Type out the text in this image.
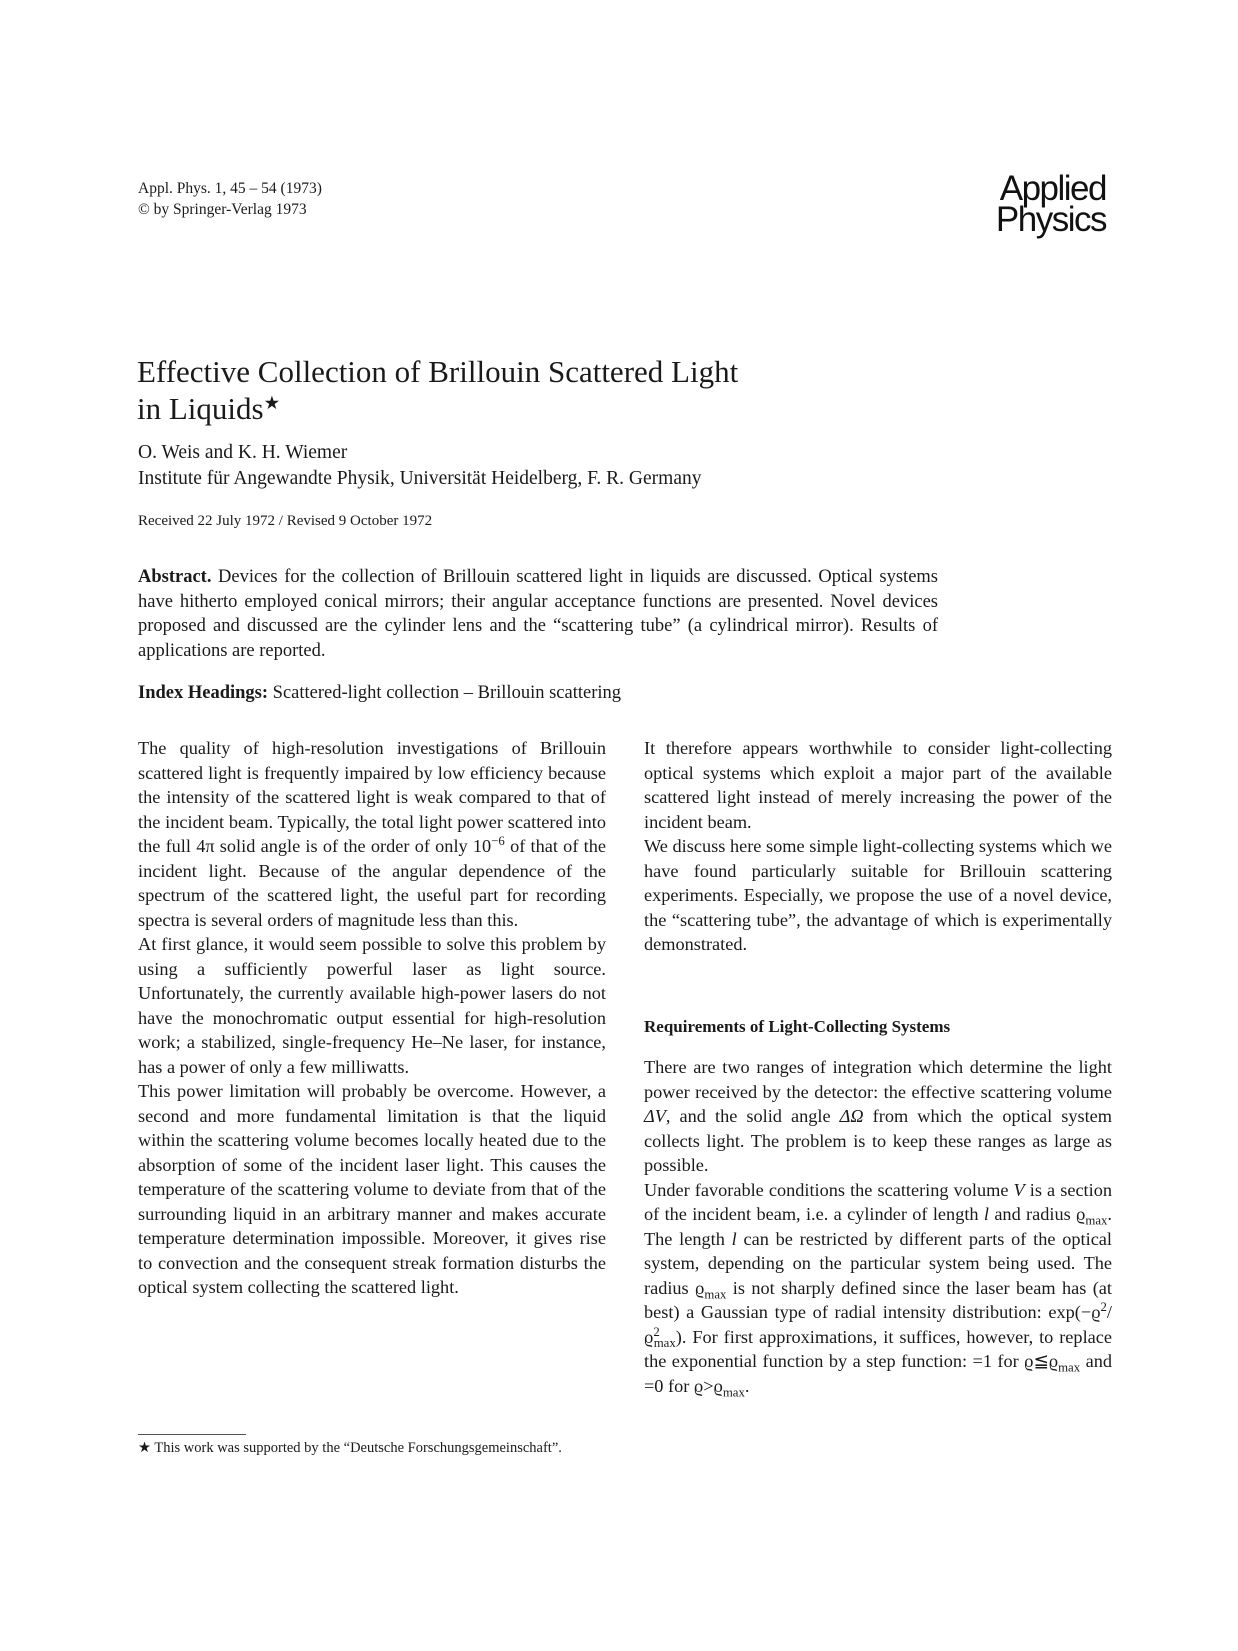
Appl. Phys. 1, 45 – 54 (1973)
© by Springer-Verlag 1973
Applied
Physics
Effective Collection of Brillouin Scattered Light
in Liquids★
O. Weis and K. H. Wiemer
Institute für Angewandte Physik, Universität Heidelberg, F. R. Germany
Received 22 July 1972 / Revised 9 October 1972
Abstract. Devices for the collection of Brillouin scattered light in liquids are discussed. Optical systems have hitherto employed conical mirrors; their angular acceptance functions are presented. Novel devices proposed and discussed are the cylinder lens and the “scattering tube” (a cylindrical mirror). Results of applications are reported.
Index Headings: Scattered-light collection – Brillouin scattering

The quality of high-resolution investigations of Brillouin scattered light is frequently impaired by low efficiency because the intensity of the scattered light is weak compared to that of the incident beam. Typically, the total light power scattered into the full 4π solid angle is of the order of only $10^{-6}$ of that of the incident light. Because of the angular dependence of the spectrum of the scattered light, the useful part for recording spectra is several orders of magnitude less than this.

At first glance, it would seem possible to solve this problem by using a sufficiently powerful laser as light source. Unfortunately, the currently available high-power lasers do not have the monochromatic output essential for high-resolution work; a stabilized, single-frequency He–Ne laser, for instance, has a power of only a few milliwatts.

This power limitation will probably be overcome. However, a second and more fundamental limitation is that the liquid within the scattering volume becomes locally heated due to the absorption of some of the incident laser light. This causes the temperature of the scattering volume to deviate from that of the surrounding liquid in an arbitrary manner and makes accurate temperature determination impossible. Moreover, it gives rise to convection and the consequent streak formation disturbs the optical system collecting the scattered light.

★ This work was supported by the “Deutsche Forschungsgemeinschaft”.

It therefore appears worthwhile to consider light-collecting optical systems which exploit a major part of the available scattered light instead of merely increasing the power of the incident beam.

We discuss here some simple light-collecting systems which we have found particularly suitable for Brillouin scattering experiments. Especially, we propose the use of a novel device, the “scattering tube”, the advantage of which is experimentally demonstrated.

Requirements of Light-Collecting Systems

There are two ranges of integration which determine the light power received by the detector: the effective scattering volume ΔV, and the solid angle ΔΩ from which the optical system collects light. The problem is to keep these ranges as large as possible.

Under favorable conditions the scattering volume V is a section of the incident beam, i.e. a cylinder of length l and radius $ϱ_{max}$. The length l can be restricted by different parts of the optical system, depending on the particular system being used. The radius $ϱ_{max}$ is not sharply defined since the laser beam has (at best) a Gaussian type of radial intensity distribution: $\exp(-ϱ^2/ϱ^2_{max})$. For first approximations, it suffices, however, to replace the exponential function by a step function: =1 for $ϱ≦ϱ_{max}$ and =0 for $ϱ>ϱ_{max}$.
